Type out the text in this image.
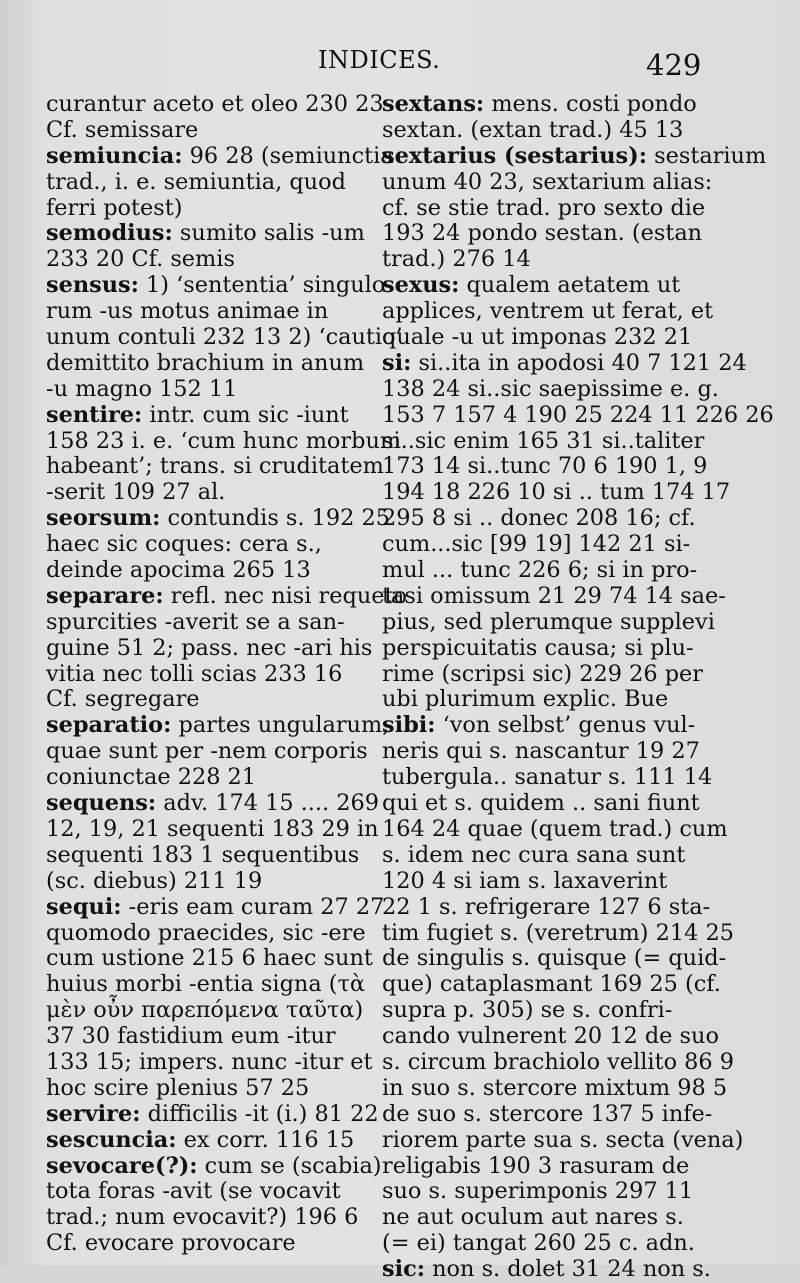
INDICES.	429
curantur aceto et oleo 230 23
Cf. semissare
semiuncia: 96 28 (semiunctia
trad., i. e. semiuntia, quod
ferri potest)
semodius: sumito salis -um
233 20 Cf. semis
sensus: 1) ‘sententia’ singulo-
rum -us motus animae in
unum contuli 232 13 2) ‘cautio’
demittito brachium in anum
-u magno 152 11
sentire: intr. cum sic -iunt
158 23 i. e. ‘cum hunc morbum
habeant’; trans. si cruditatem
-serit 109 27 al.
seorsum: contundis s. 192 25
haec sic coques: cera s.,
deinde apocima 265 13
separare: refl. nec nisi requeto
spurcities -averit se a san-
guine 51 2; pass. nec -ari his
vitia nec tolli scias 233 16
Cf. segregare
separatio: partes ungularum,
quae sunt per -nem corporis
coniunctae 228 21
sequens: adv. 174 15 .... 269
12, 19, 21 sequenti 183 29 in
sequenti 183 1 sequentibus
(sc. diebus) 211 19
sequi: -eris eam curam 27 27
quomodo praecides, sic -ere
cum ustione 215 6 haec sunt
huius morbi -entia signa (τὰ
μὲν οὖν παρεπόμενα ταῦτα)
37 30 fastidium eum -itur
133 15; impers. nunc -itur et
hoc scire plenius 57 25
servire: difficilis -it (i.) 81 22
sescuncia: ex corr. 116 15
sevocare(?): cum se (scabia)
tota foras -avit (se vocavit
trad.; num evocavit?) 196 6
Cf. evocare provocare
sextans: mens. costi pondo
sextan. (extan trad.) 45 13
sextarius (sestarius): sestarium
unum 40 23, sextarium alias:
cf. se stie trad. pro sexto die
193 24 pondo sestan. (estan
trad.) 276 14
sexus: qualem aetatem ut
applices, ventrem ut ferat, et
quale -u ut imponas 232 21
si: si..ita in apodosi 40 7 121 24
138 24 si..sic saepissime e. g.
153 7 157 4 190 25 224 11 226 26
si..sic enim 165 31 si..taliter
173 14 si..tunc 70 6 190 1, 9
194 18 226 10 si .. tum 174 17
295 8 si .. donec 208 16; cf.
cum...sic [99 19] 142 21 si-
mul ... tunc 226 6; si in pro-
tasi omissum 21 29 74 14 sae-
pius, sed plerumque supplevi
perspicuitatis causa; si plu-
rime (scripsi sic) 229 26 per
ubi plurimum explic. Bue
sibi: ‘von selbst’ genus vul-
neris qui s. nascantur 19 27
tubergula.. sanatur s. 111 14
qui et s. quidem .. sani fiunt
164 24 quae (quem trad.) cum
s. idem nec cura sana sunt
120 4 si iam s. laxaverint
22 1 s. refrigerare 127 6 sta-
tim fugiet s. (veretrum) 214 25
de singulis s. quisque (= quid-
que) cataplasmant 169 25 (cf.
supra p. 305) se s. confri-
cando vulnerent 20 12 de suo
s. circum brachiolo vellito 86 9
in suo s. stercore mixtum 98 5
de suo s. stercore 137 5 infe-
riorem parte sua s. secta (vena)
religabis 190 3 rasuram de
suo s. superimponis 297 11
ne aut oculum aut nares s.
(= ei) tangat 260 25 c. adn.
sic: non s. dolet 31 24 non s.
